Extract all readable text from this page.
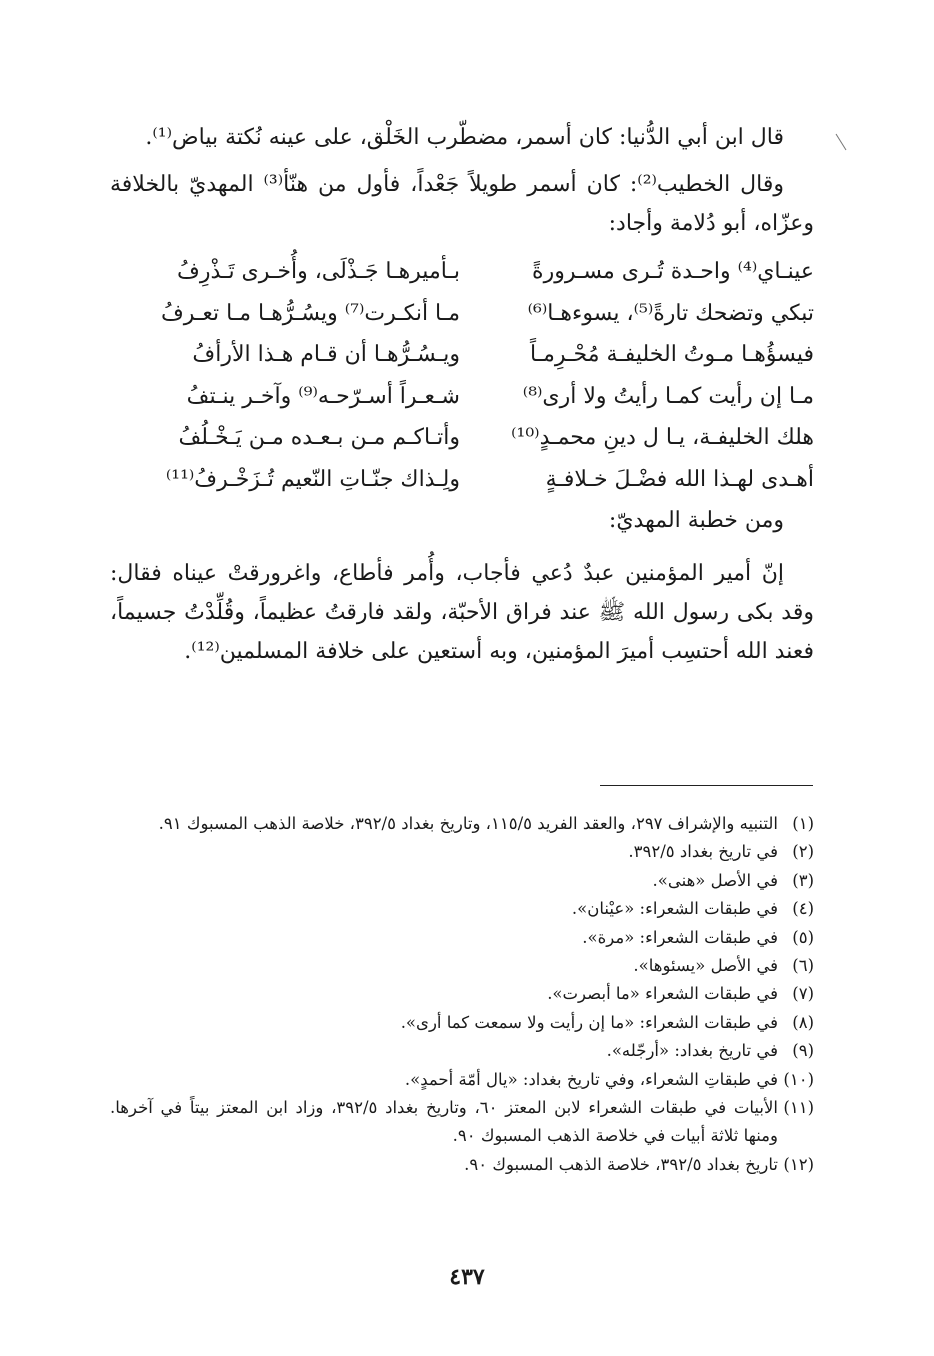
قال ابن أبي الدُّنيا: كان أسمر، مضطّرب الخَلْق، على عينه نُكتة بياض⁽¹⁾.

وقال الخطيب⁽²⁾: كان أسمر طويلاً جَعْداً، فأول من هنّأ⁽³⁾ المهديّ بالخلافة وعزّاه، أبو دُلامة وأجاد:

عينـاي⁽⁴⁾ واحـدة تُـرى مسـرورةً
بـأميرهـا جَـذْلَى، وأُخـرى تَـذْرِفُ
تبكي وتضحك تارةً⁽⁵⁾، يسوءهـا⁽⁶⁾
مـا أنكـرت⁽⁷⁾ ويسُـرُّهـا مـا تعـرفُ
فيسؤُهـا مـوتُ الخليفـة مُحْـرِمـاً
ويـسُـرُّهـا أن قـام هـذا الأرأفُ
مـا إن رأيت كمـا رأيتُ ولا أرى⁽⁸⁾
شـعـراً أسـرّحـه⁽⁹⁾ وآخـر ينـتفُ
هلك الخليفـة، يـا ل دينِ محمـدٍ⁽¹⁰⁾
وأتـاكـم مـن بـعـده مـن يَـخْـلُفُ
أهـدى لهـذا الله فضْـلَ خـلافـةٍ
ولِـذاك جنّـاتِ النّعيم تُـزَخْـرفُ⁽¹¹⁾
ومن خطبة المهديّ:

إنّ أمير المؤمنين عبدٌ دُعي فأجاب، وأُمر فأطاع، واغرورقتْ عيناه فقال: وقد بكى رسول الله ﷺ عند فراق الأحبّة، ولقد فارقتُ عظيماً، وقُلِّدْتُ جسيماً، فعند الله أحتسِب أميرَ المؤمنين، وبه أستعين على خلافة المسلمين⁽¹²⁾.

(١)
التنبيه والإشراف ٢٩٧، والعقد الفريد ١١٥/٥، وتاريخ بغداد ٣٩٢/٥، خلاصة الذهب المسبوك ٩١.
(٢)
في تاريخ بغداد ٣٩٢/٥.
(٣)
في الأصل «هنى».
(٤)
في طبقات الشعراء: «عيْنان».
(٥)
في طبقات الشعراء: «مرة».
(٦)
في الأصل «يسئوها».
(٧)
في طبقات الشعراء «ما أبصرت».
(٨)
في طبقات الشعراء: «ما إن رأيت ولا سمعت كما أرى».
(٩)
في تاريخ بغداد: «أرجّله».
(١٠)
في طبقاتِ الشعراء، وفي تاريخ بغداد: «يال أمّة أحمدٍ».
(١١)
الأبيات في طبقات الشعراء لابن المعتز ٦٠، وتاريخ بغداد ٣٩٢/٥، وزاد ابن المعتز بيتاً في آخرها. ومنها ثلاثة أبيات في خلاصة الذهب المسبوك ٩٠.
(١٢)
تاريخ بغداد ٣٩٢/٥، خلاصة الذهب المسبوك ٩٠.
٤٣٧
